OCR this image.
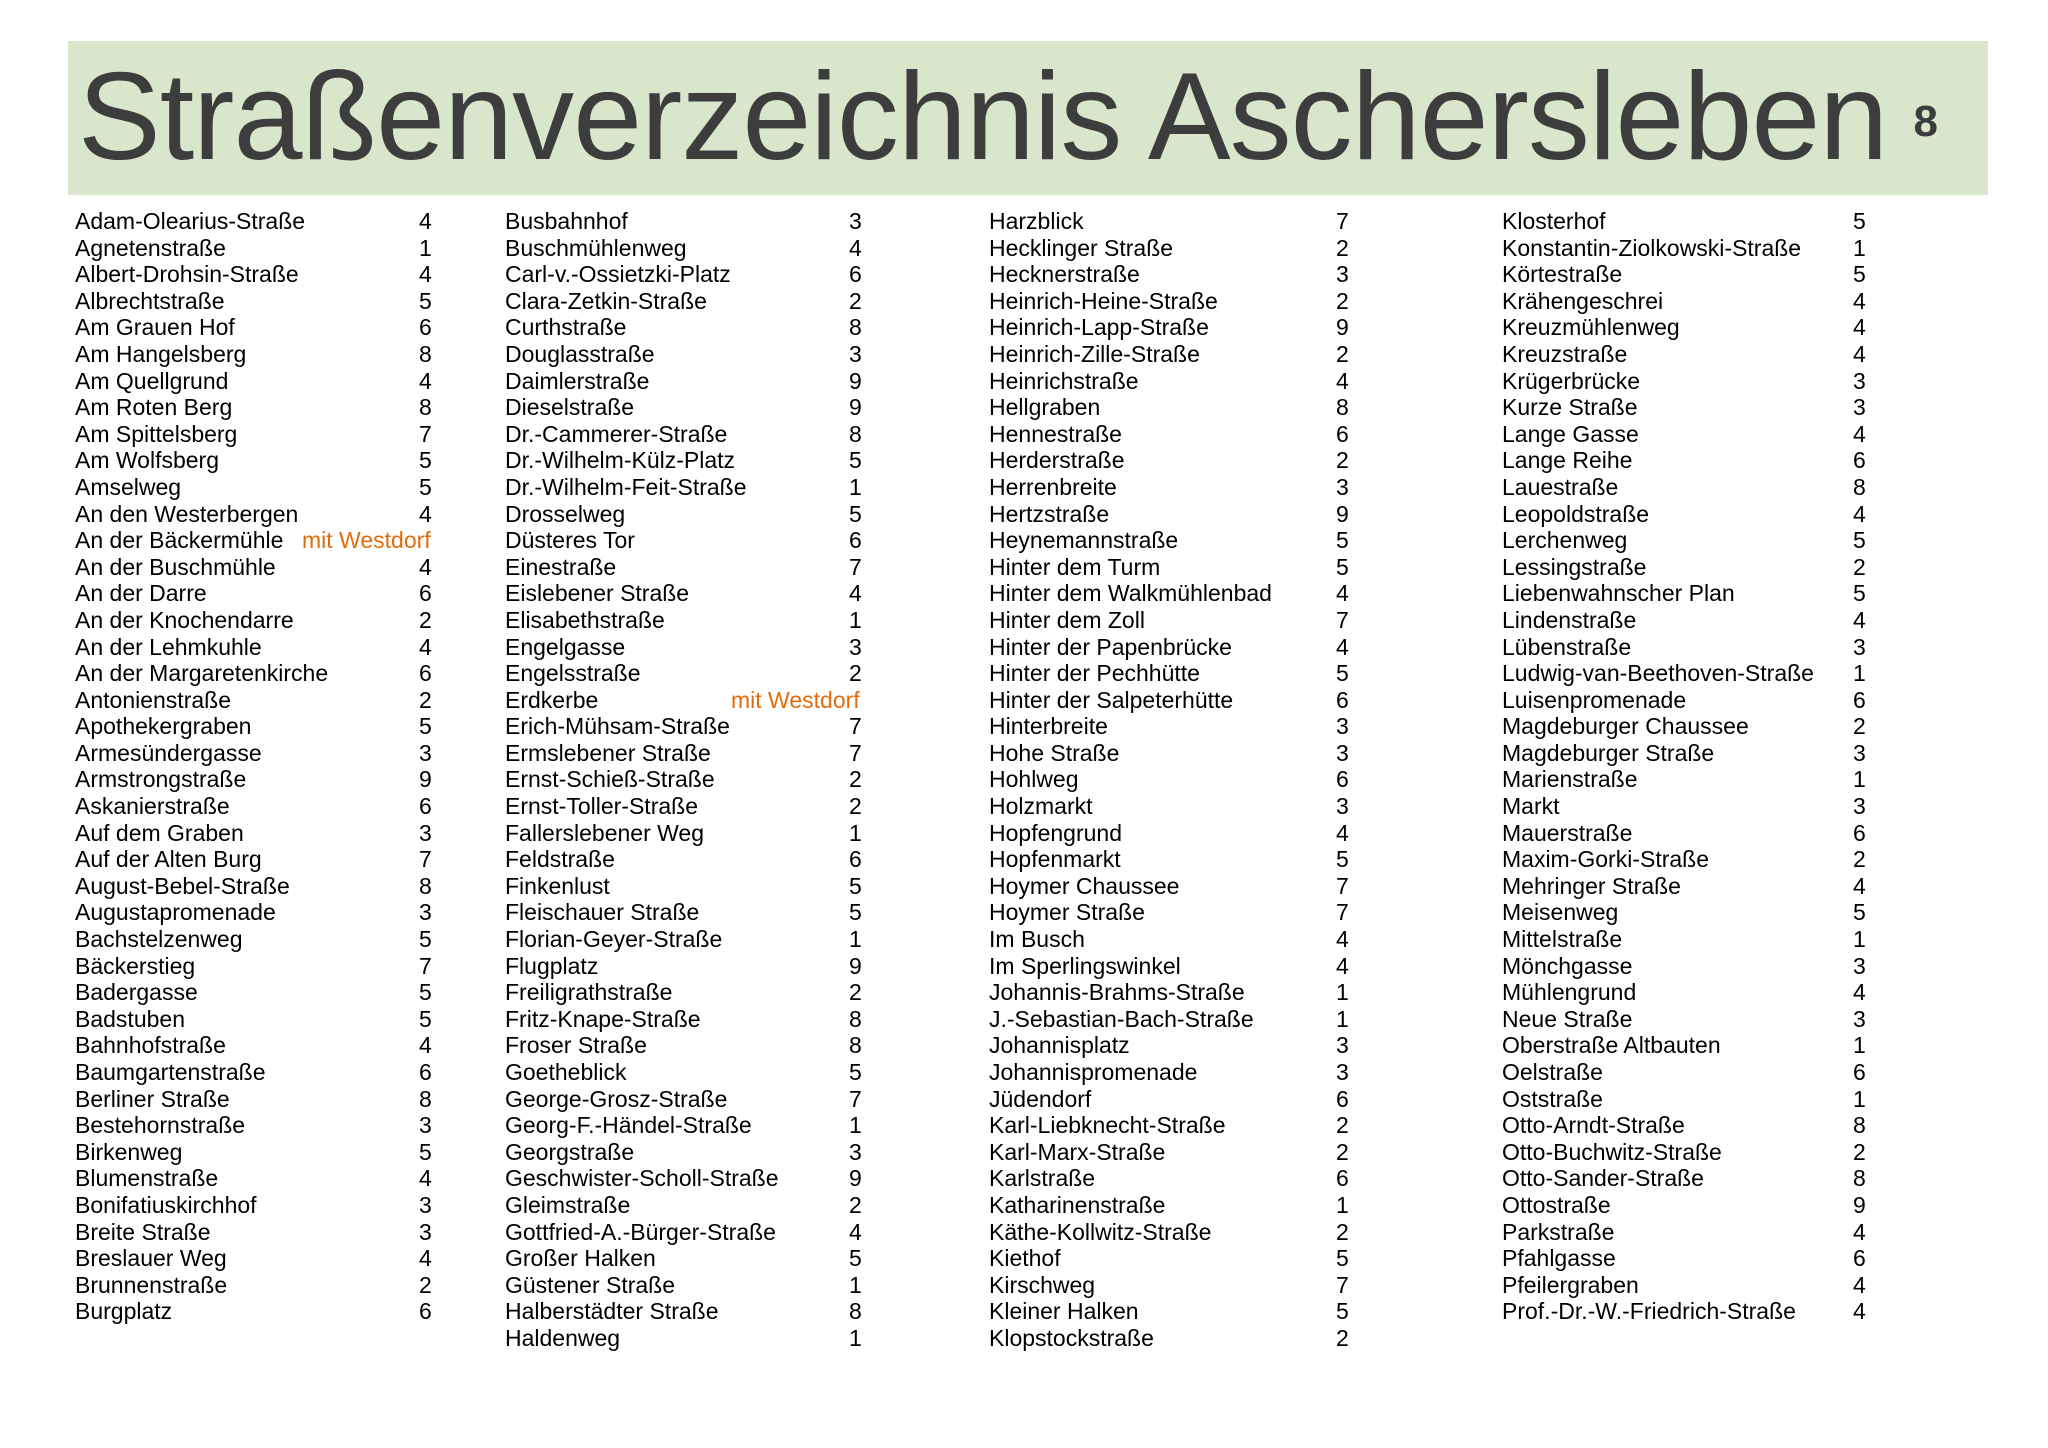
Straßenverzeichnis Aschersleben 8
Adam-Olearius-Straße	4
Agnetenstraße	1
Albert-Drohsin-Straße	4
Albrechtstraße	5
Am Grauen Hof	6
Am Hangelsberg	8
Am Quellgrund	4
Am Roten Berg	8
Am Spittelsberg	7
Am Wolfsberg	5
Amselweg	5
An den Westerbergen	4
An der Bäckermühle mit Westdorf
An der Buschmühle	4
An der Darre	6
An der Knochendarre	2
An der Lehmkuhle	4
An der Margaretenkirche	6
Antonienstraße	2
Apothekergraben	5
Armesündergasse	3
Armstrongstraße	9
Askanierstraße	6
Auf dem Graben	3
Auf der Alten Burg	7
August-Bebel-Straße	8
Augustapromenade	3
Bachstelzenweg	5
Bäckerstieg	7
Badergasse	5
Badstuben	5
Bahnhofstraße	4
Baumgartenstraße	6
Berliner Straße	8
Bestehornstraße	3
Birkenweg	5
Blumenstraße	4
Bonifatiuskirchhof	3
Breite Straße	3
Breslauer Weg	4
Brunnenstraße	2
Burgplatz	6
Busbahnhof	3
Buschmühlenweg	4
Carl-v.-Ossietzki-Platz	6
Clara-Zetkin-Straße	2
Curthstraße	8
Douglasstraße	3
Daimlerstraße	9
Dieselstraße	9
Dr.-Cammerer-Straße	8
Dr.-Wilhelm-Külz-Platz	5
Dr.-Wilhelm-Feit-Straße	1
Drosselweg	5
Düsteres Tor	6
Einestraße	7
Eislebener Straße	4
Elisabethstraße	1
Engelgasse	3
Engelsstraße	2
Erdkerbe	mit Westdorf
Erich-Mühsam-Straße	7
Ermslebener Straße	7
Ernst-Schieß-Straße	2
Ernst-Toller-Straße	2
Fallerslebener Weg	1
Feldstraße	6
Finkenlust	5
Fleischauer Straße	5
Florian-Geyer-Straße	1
Flugplatz	9
Freiligrathstraße	2
Fritz-Knape-Straße	8
Froser Straße	8
Goetheblick	5
George-Grosz-Straße	7
Georg-F.-Händel-Straße	1
Georgstraße	3
Geschwister-Scholl-Straße	9
Gleimstraße	2
Gottfried-A.-Bürger-Straße	4
Großer Halken	5
Güstener Straße	1
Halberstädter Straße	8
Haldenweg	1
Harzblick	7
Hecklinger Straße	2
Hecknerstraße	3
Heinrich-Heine-Straße	2
Heinrich-Lapp-Straße	9
Heinrich-Zille-Straße	2
Heinrichstraße	4
Hellgraben	8
Hennestraße	6
Herderstraße	2
Herrenbreite	3
Hertzstraße	9
Heynemannstraße	5
Hinter dem Turm	5
Hinter dem Walkmühlenbad	4
Hinter dem Zoll	7
Hinter der Papenbrücke	4
Hinter der Pechhütte	5
Hinter der Salpeterhütte	6
Hinterbreite	3
Hohe Straße	3
Hohlweg	6
Holzmarkt	3
Hopfengrund	4
Hopfenmarkt	5
Hoymer Chaussee	7
Hoymer Straße	7
Im Busch	4
Im Sperlingswinkel	4
Johannis-Brahms-Straße	1
J.-Sebastian-Bach-Straße	1
Johannisplatz	3
Johannispromenade	3
Jüdendorf	6
Karl-Liebknecht-Straße	2
Karl-Marx-Straße	2
Karlstraße	6
Katharinenstraße	1
Käthe-Kollwitz-Straße	2
Kiethof	5
Kirschweg	7
Kleiner Halken	5
Klopstockstraße	2
Klosterhof	5
Konstantin-Ziolkowski-Straße 1
Körtestraße	5
Krähengeschrei	4
Kreuzmühlenweg	4
Kreuzstraße	4
Krügerbrücke	3
Kurze Straße	3
Lange Gasse	4
Lange Reihe	6
Lauestraße	8
Leopoldstraße	4
Lerchenweg	5
Lessingstraße	2
Liebenwahnscher Plan	5
Lindenstraße	4
Lübenstraße	3
Ludwig-van-Beethoven-Straße 1
Luisenpromenade	6
Magdeburger Chaussee	2
Magdeburger Straße	3
Marienstraße	1
Markt	3
Mauerstraße	6
Maxim-Gorki-Straße	2
Mehringer Straße	4
Meisenweg	5
Mittelstraße	1
Mönchgasse	3
Mühlengrund	4
Neue Straße	3
Oberstraße Altbauten	1
Oelstraße	6
Oststraße	1
Otto-Arndt-Straße	8
Otto-Buchwitz-Straße	2
Otto-Sander-Straße	8
Ottostraße	9
Parkstraße	4
Pfahlgasse	6
Pfeilergraben	4
Prof.-Dr.-W.-Friedrich-Straße 4
